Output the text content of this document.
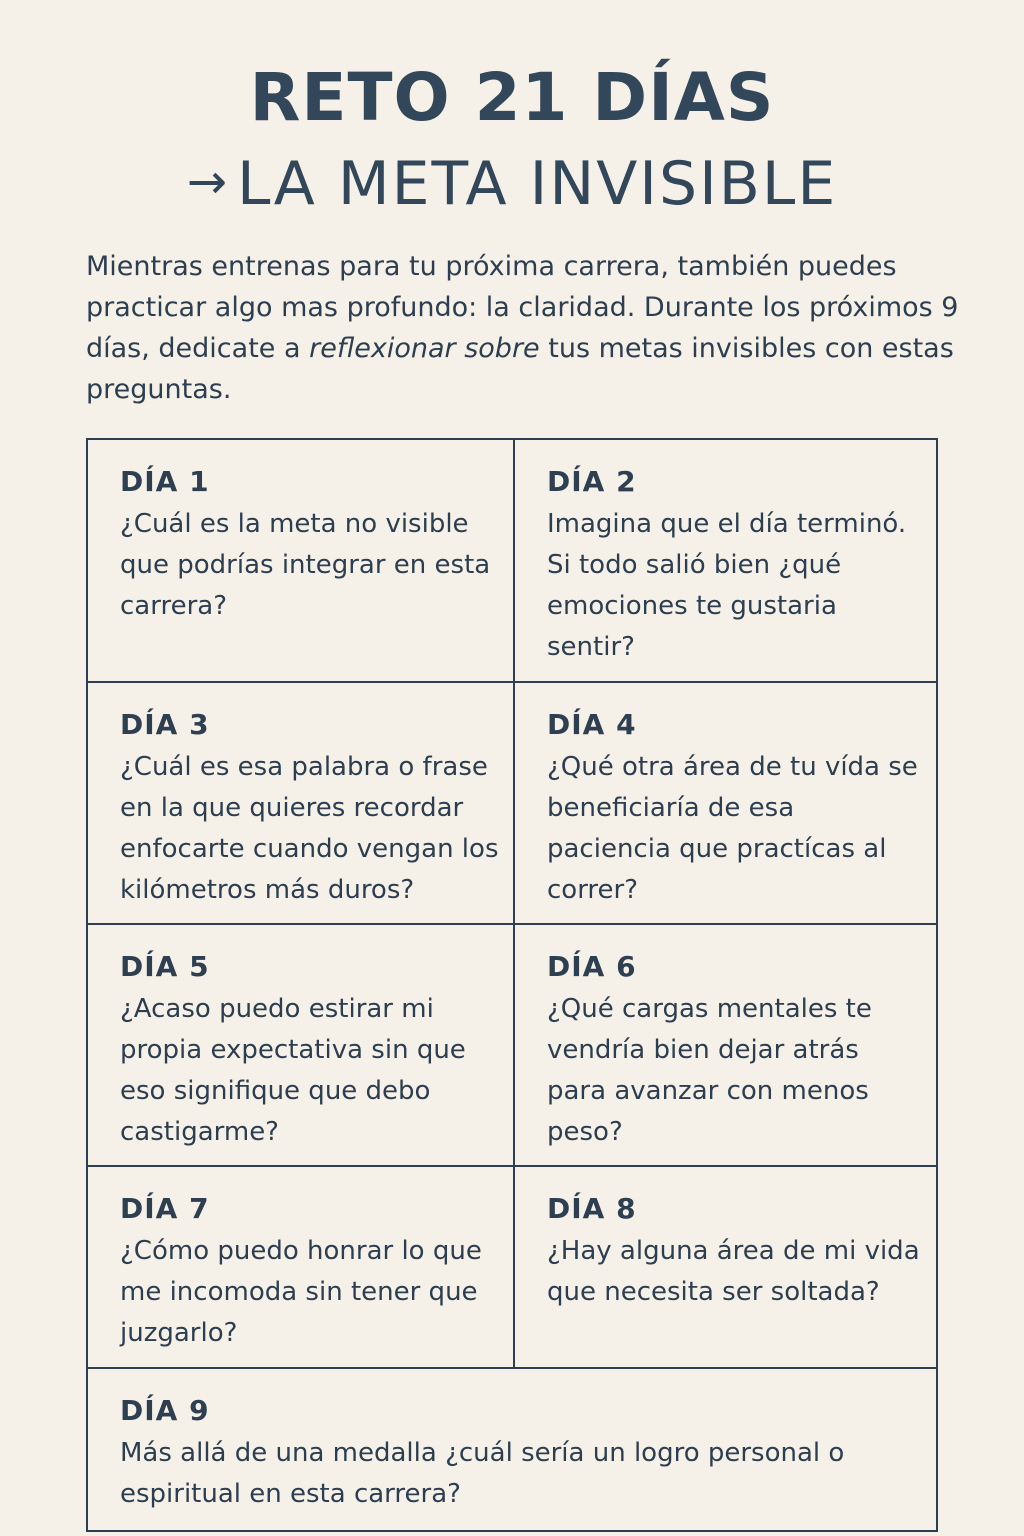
RETO 21 DÍAS
→ LA META INVISIBLE
Mientras entrenas para tu próxima carrera, también puedes practicar algo mas profundo: la claridad. Durante los próximos 9 días, dedicate a reflexionar sobre tus metas invisibles con estas preguntas.
DÍA 1
¿Cuál es la meta no visible que podrías integrar en esta carrera?
DÍA 2
Imagina que el día terminó. Si todo salió bien ¿qué emociones te gustaria sentir?
DÍA 3
¿Cuál es esa palabra o frase en la que quieres recordar enfocarte cuando vengan los kilómetros más duros?
DÍA 4
¿Qué otra área de tu vída se beneficiaría de esa paciencia que practícas al correr?
DÍA 5
¿Acaso puedo estirar mi propia expectativa sin que eso signifique que debo castigarme?
DÍA 6
¿Qué cargas mentales te vendría bien dejar atrás para avanzar con menos peso?
DÍA 7
¿Cómo puedo honrar lo que me incomoda sin tener que juzgarlo?
DÍA 8
¿Hay alguna área de mi vida que necesita ser soltada?
DÍA 9
Más allá de una medalla ¿cuál sería un logro personal o espiritual en esta carrera?
